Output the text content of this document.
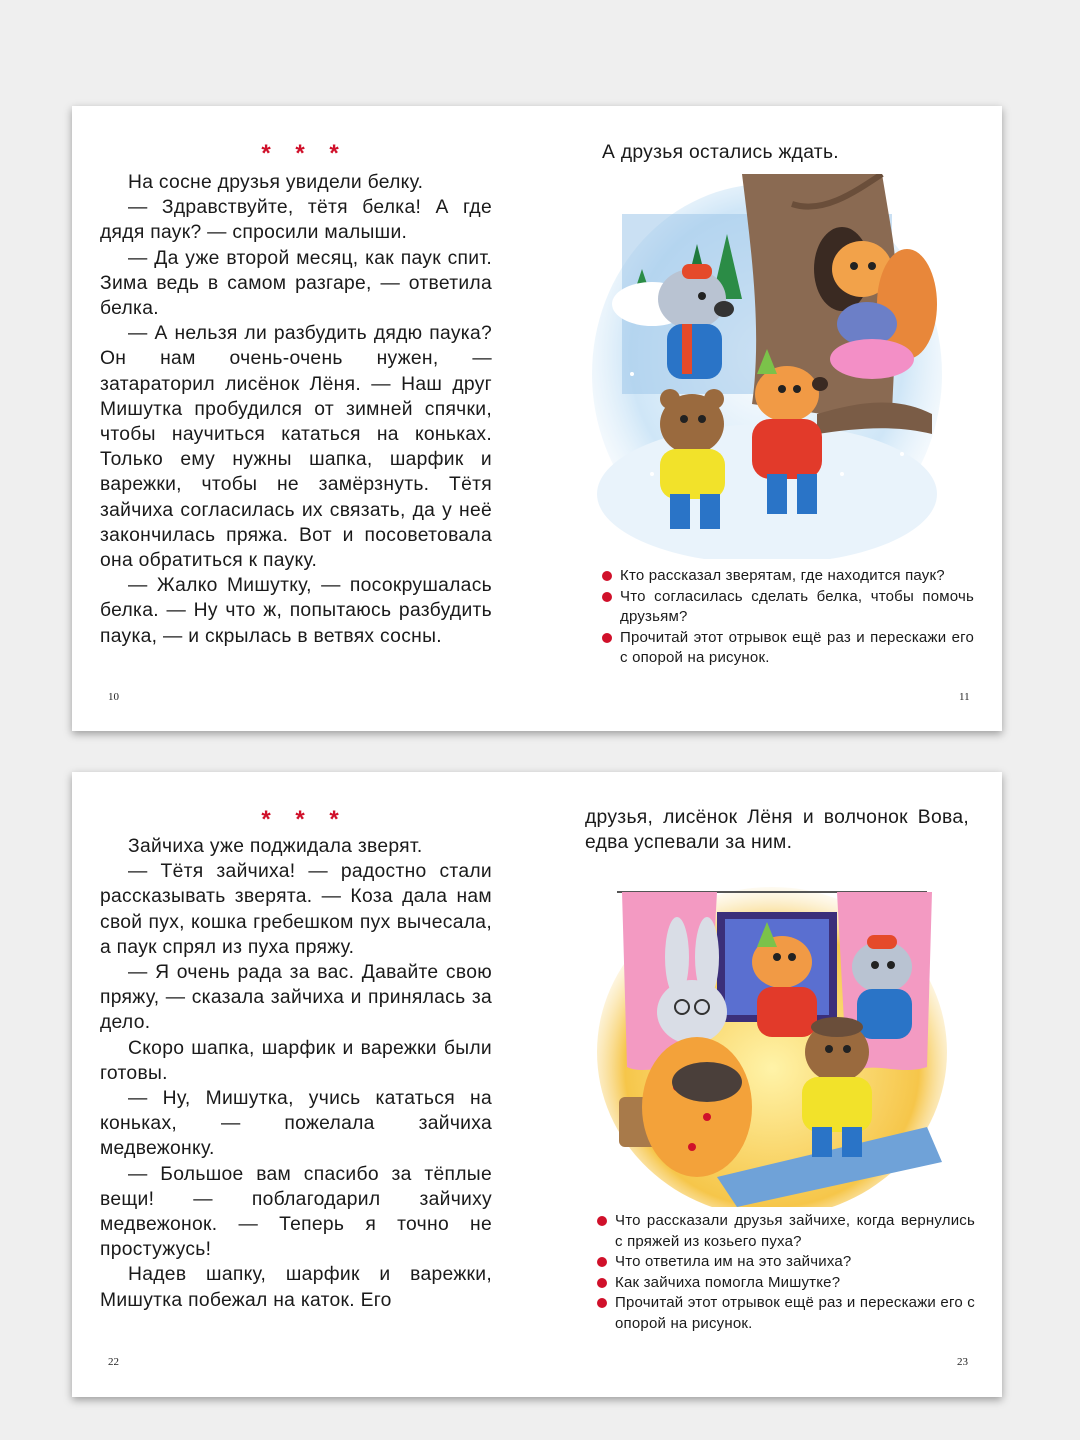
* * *

На сосне друзья увидели белку.

— Здравствуйте, тётя белка! А где дядя паук? — спросили малыши.

— Да уже второй месяц, как паук спит. Зима ведь в самом разгаре, — ответила белка.

— А нельзя ли разбудить дядю паука? Он нам очень-очень нужен, — затараторил лисёнок Лёня. — Наш друг Мишутка пробудился от зимней спячки, чтобы научиться кататься на коньках. Только ему нужны шапка, шарфик и варежки, чтобы не замёрзнуть. Тётя зайчиха согласилась их связать, да у неё закончилась пряжа. Вот и посоветовала она обратиться к пауку.

— Жалко Мишутку, — посокрушалась белка. — Ну что ж, попытаюсь разбудить паука, — и скрылась в ветвях сосны.

10
А друзья остались ждать.
Кто рассказал зверятам, где находится паук?
Что согласилась сделать белка, чтобы помочь друзьям?
Прочитай этот отрывок ещё раз и перескажи его с опорой на рисунок.
11
* * *

Зайчиха уже поджидала зверят.

— Тётя зайчиха! — радостно стали рассказывать зверята. — Коза дала нам свой пух, кошка гребешком пух вычесала, а паук спрял из пуха пряжу.

— Я очень рада за вас. Давайте свою пряжу, — сказала зайчиха и принялась за дело.

Скоро шапка, шарфик и варежки были готовы.

— Ну, Мишутка, учись кататься на коньках, — пожелала зайчиха медвежонку.

— Большое вам спасибо за тёплые вещи! — поблагодарил зайчиху медвежонок. — Теперь я точно не простужусь!

Надев шапку, шарфик и варежки, Мишутка побежал на каток. Его

22
друзья, лисёнок Лёня и волчонок Вова, едва успевали за ним.
Что рассказали друзья зайчихе, когда вернулись с пряжей из козьего пуха?
Что ответила им на это зайчиха?
Как зайчиха помогла Мишутке?
Прочитай этот отрывок ещё раз и перескажи его с опорой на рисунок.
23
